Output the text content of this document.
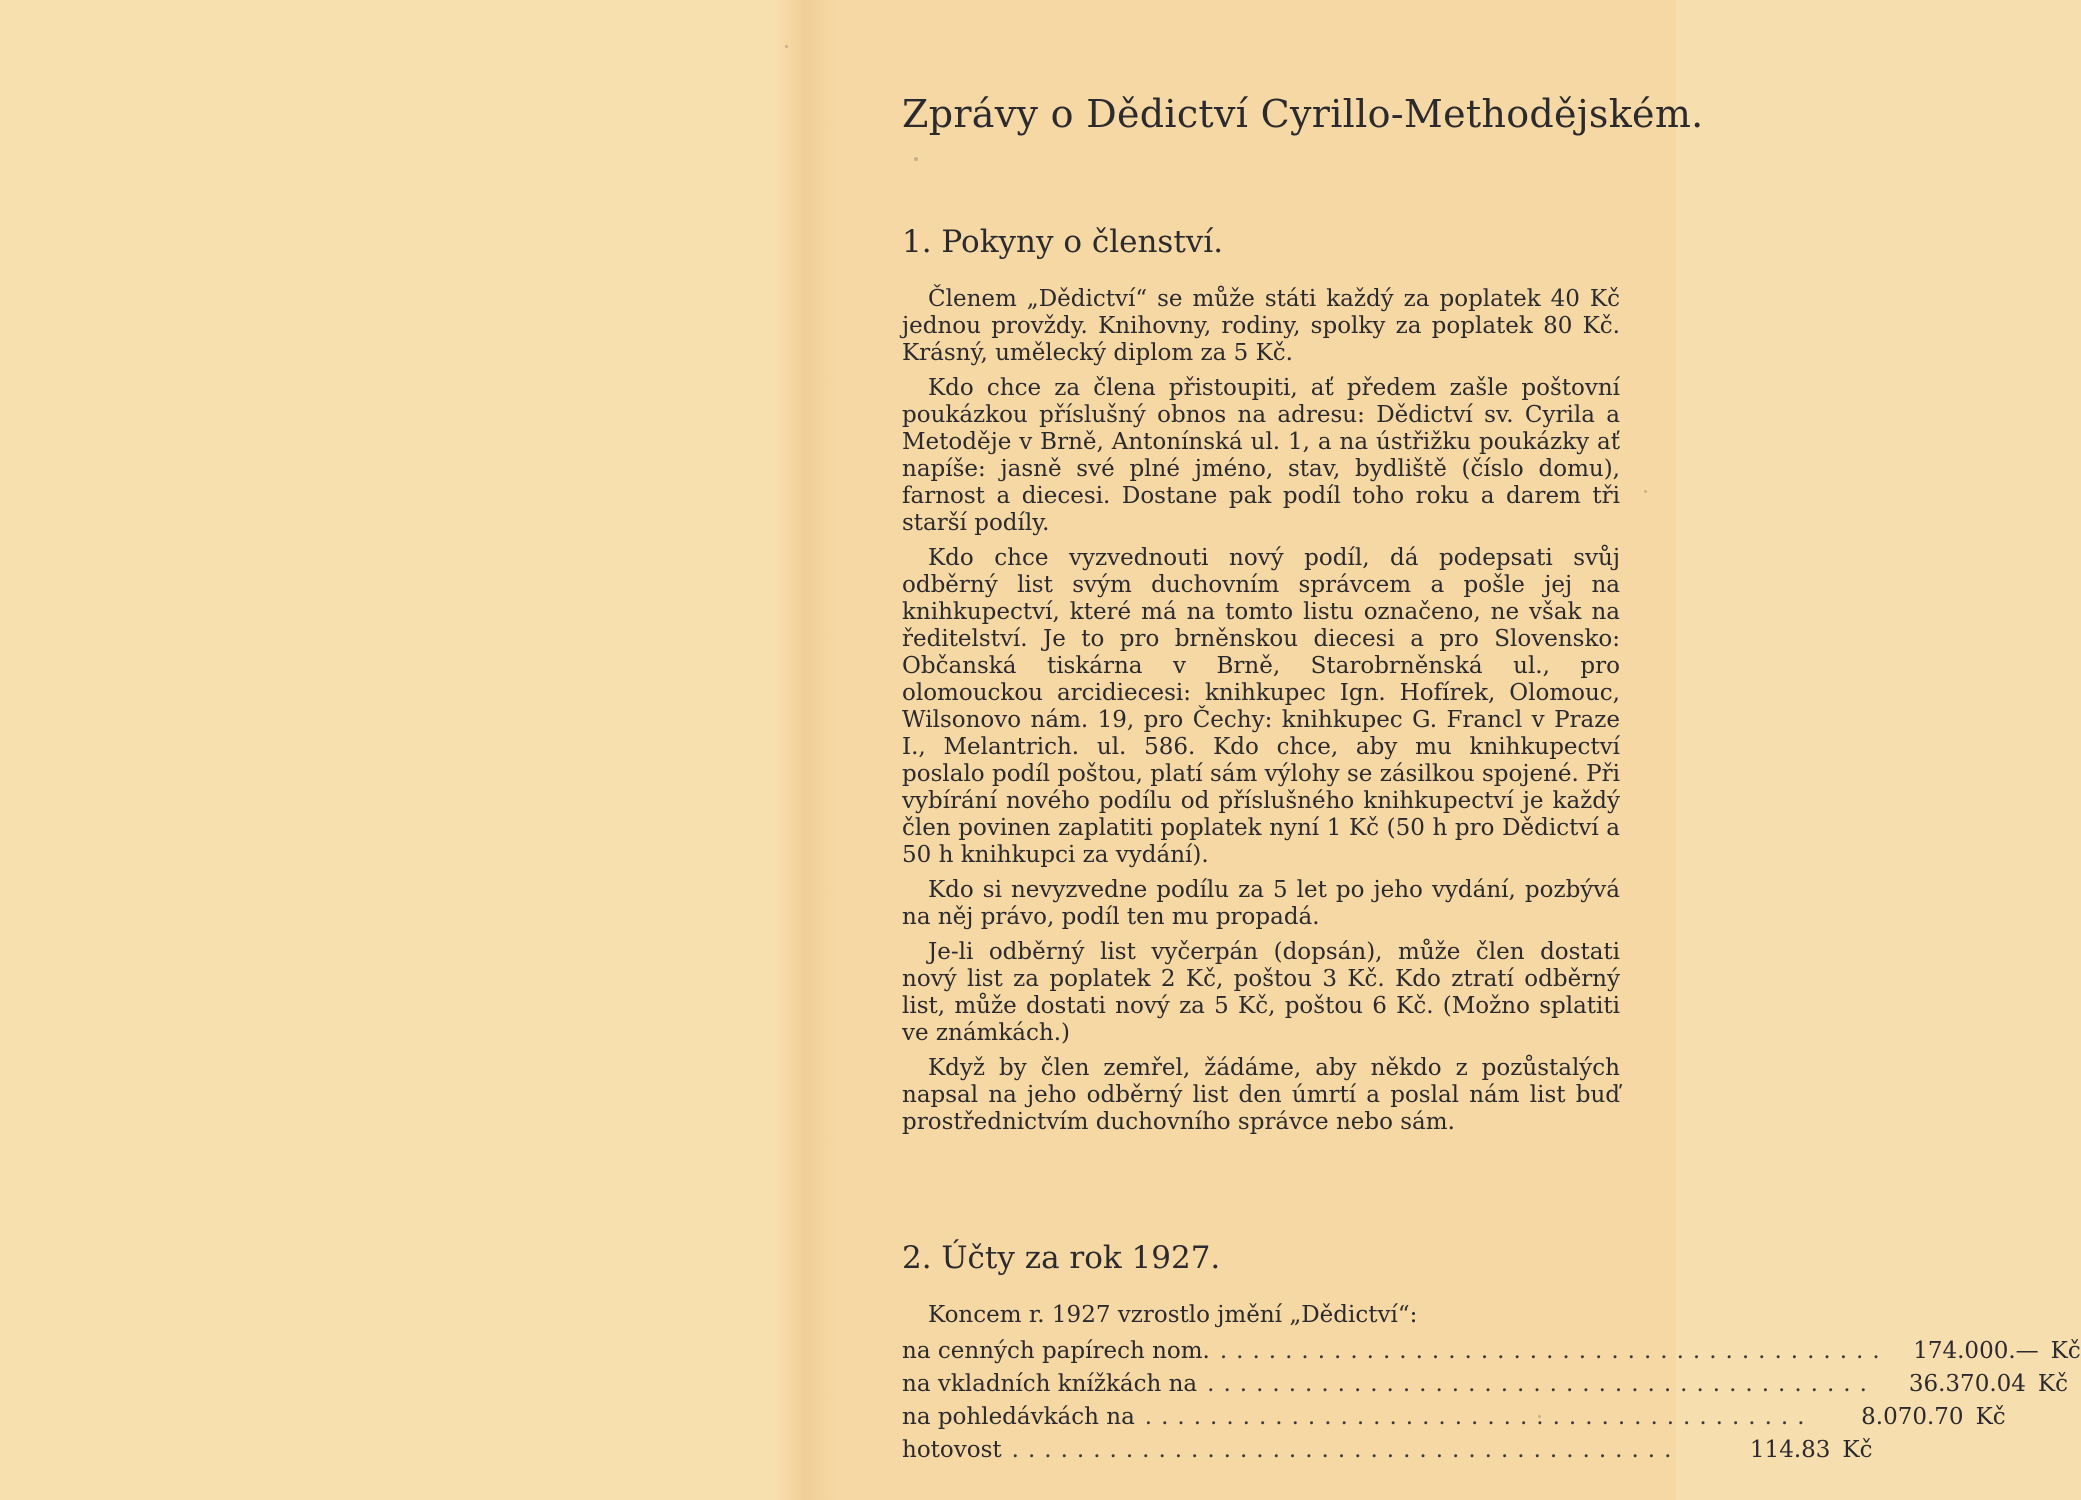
Zprávy o Dědictví Cyrillo-Methodějském.
1. Pokyny o členství.

Členem „Dědictví“ se může státi každý za poplatek 40 Kč jednou provždy. Knihovny, rodiny, spolky za poplatek 80 Kč. Krásný, umělecký diplom za 5 Kč.

Kdo chce za člena přistoupiti, ať předem zašle poštovní poukázkou příslušný obnos na adresu: Dědictví sv. Cyrila a Metoděje v Brně, Antonínská ul. 1, a na ústřižku poukázky ať napíše: jasně své plné jméno, stav, bydliště (číslo domu), farnost a diecesi. Dostane pak podíl toho roku a darem tři starší podíly.

Kdo chce vyzvednouti nový podíl, dá podepsati svůj odběrný list svým duchovním správcem a pošle jej na knihkupectví, které má na tomto listu označeno, ne však na ředitelství. Je to pro brněnskou diecesi a pro Slovensko: Občanská tiskárna v Brně, Starobrněnská ul., pro olomouckou arcidiecesi: knihkupec Ign. Hofírek, Olomouc, Wilsonovo nám. 19, pro Čechy: knihkupec G. Francl v Praze I., Melantrich. ul. 586. Kdo chce, aby mu knihkupectví poslalo podíl poštou, platí sám výlohy se zásilkou spojené. Při vybírání nového podílu od příslušného knihkupectví je každý člen povinen zaplatiti poplatek nyní 1 Kč (50 h pro Dědictví a 50 h knihkupci za vydání).

Kdo si nevyzvedne podílu za 5 let po jeho vydání, pozbývá na něj právo, podíl ten mu propadá.

Je-li odběrný list vyčerpán (dopsán), může člen dostati nový list za poplatek 2 Kč, poštou 3 Kč. Kdo ztratí odběrný list, může dostati nový za 5 Kč, poštou 6 Kč. (Možno splatiti ve známkách.)

Když by člen zemřel, žádáme, aby někdo z pozůstalých napsal na jeho odběrný list den úmrtí a poslal nám list buď prostřednictvím duchovního správce nebo sám.

2. Účty za rok 1927.

Koncem r. 1927 vzrostlo jmění „Dědictví“:

na cenných papírech nom. .........................................	174.000.— Kč
na vkladních knížkách na .........................................	36.370.04 Kč
na pohledávkách na .........................................	8.070.70 Kč
hotovost .........................................	114.83 Kč
